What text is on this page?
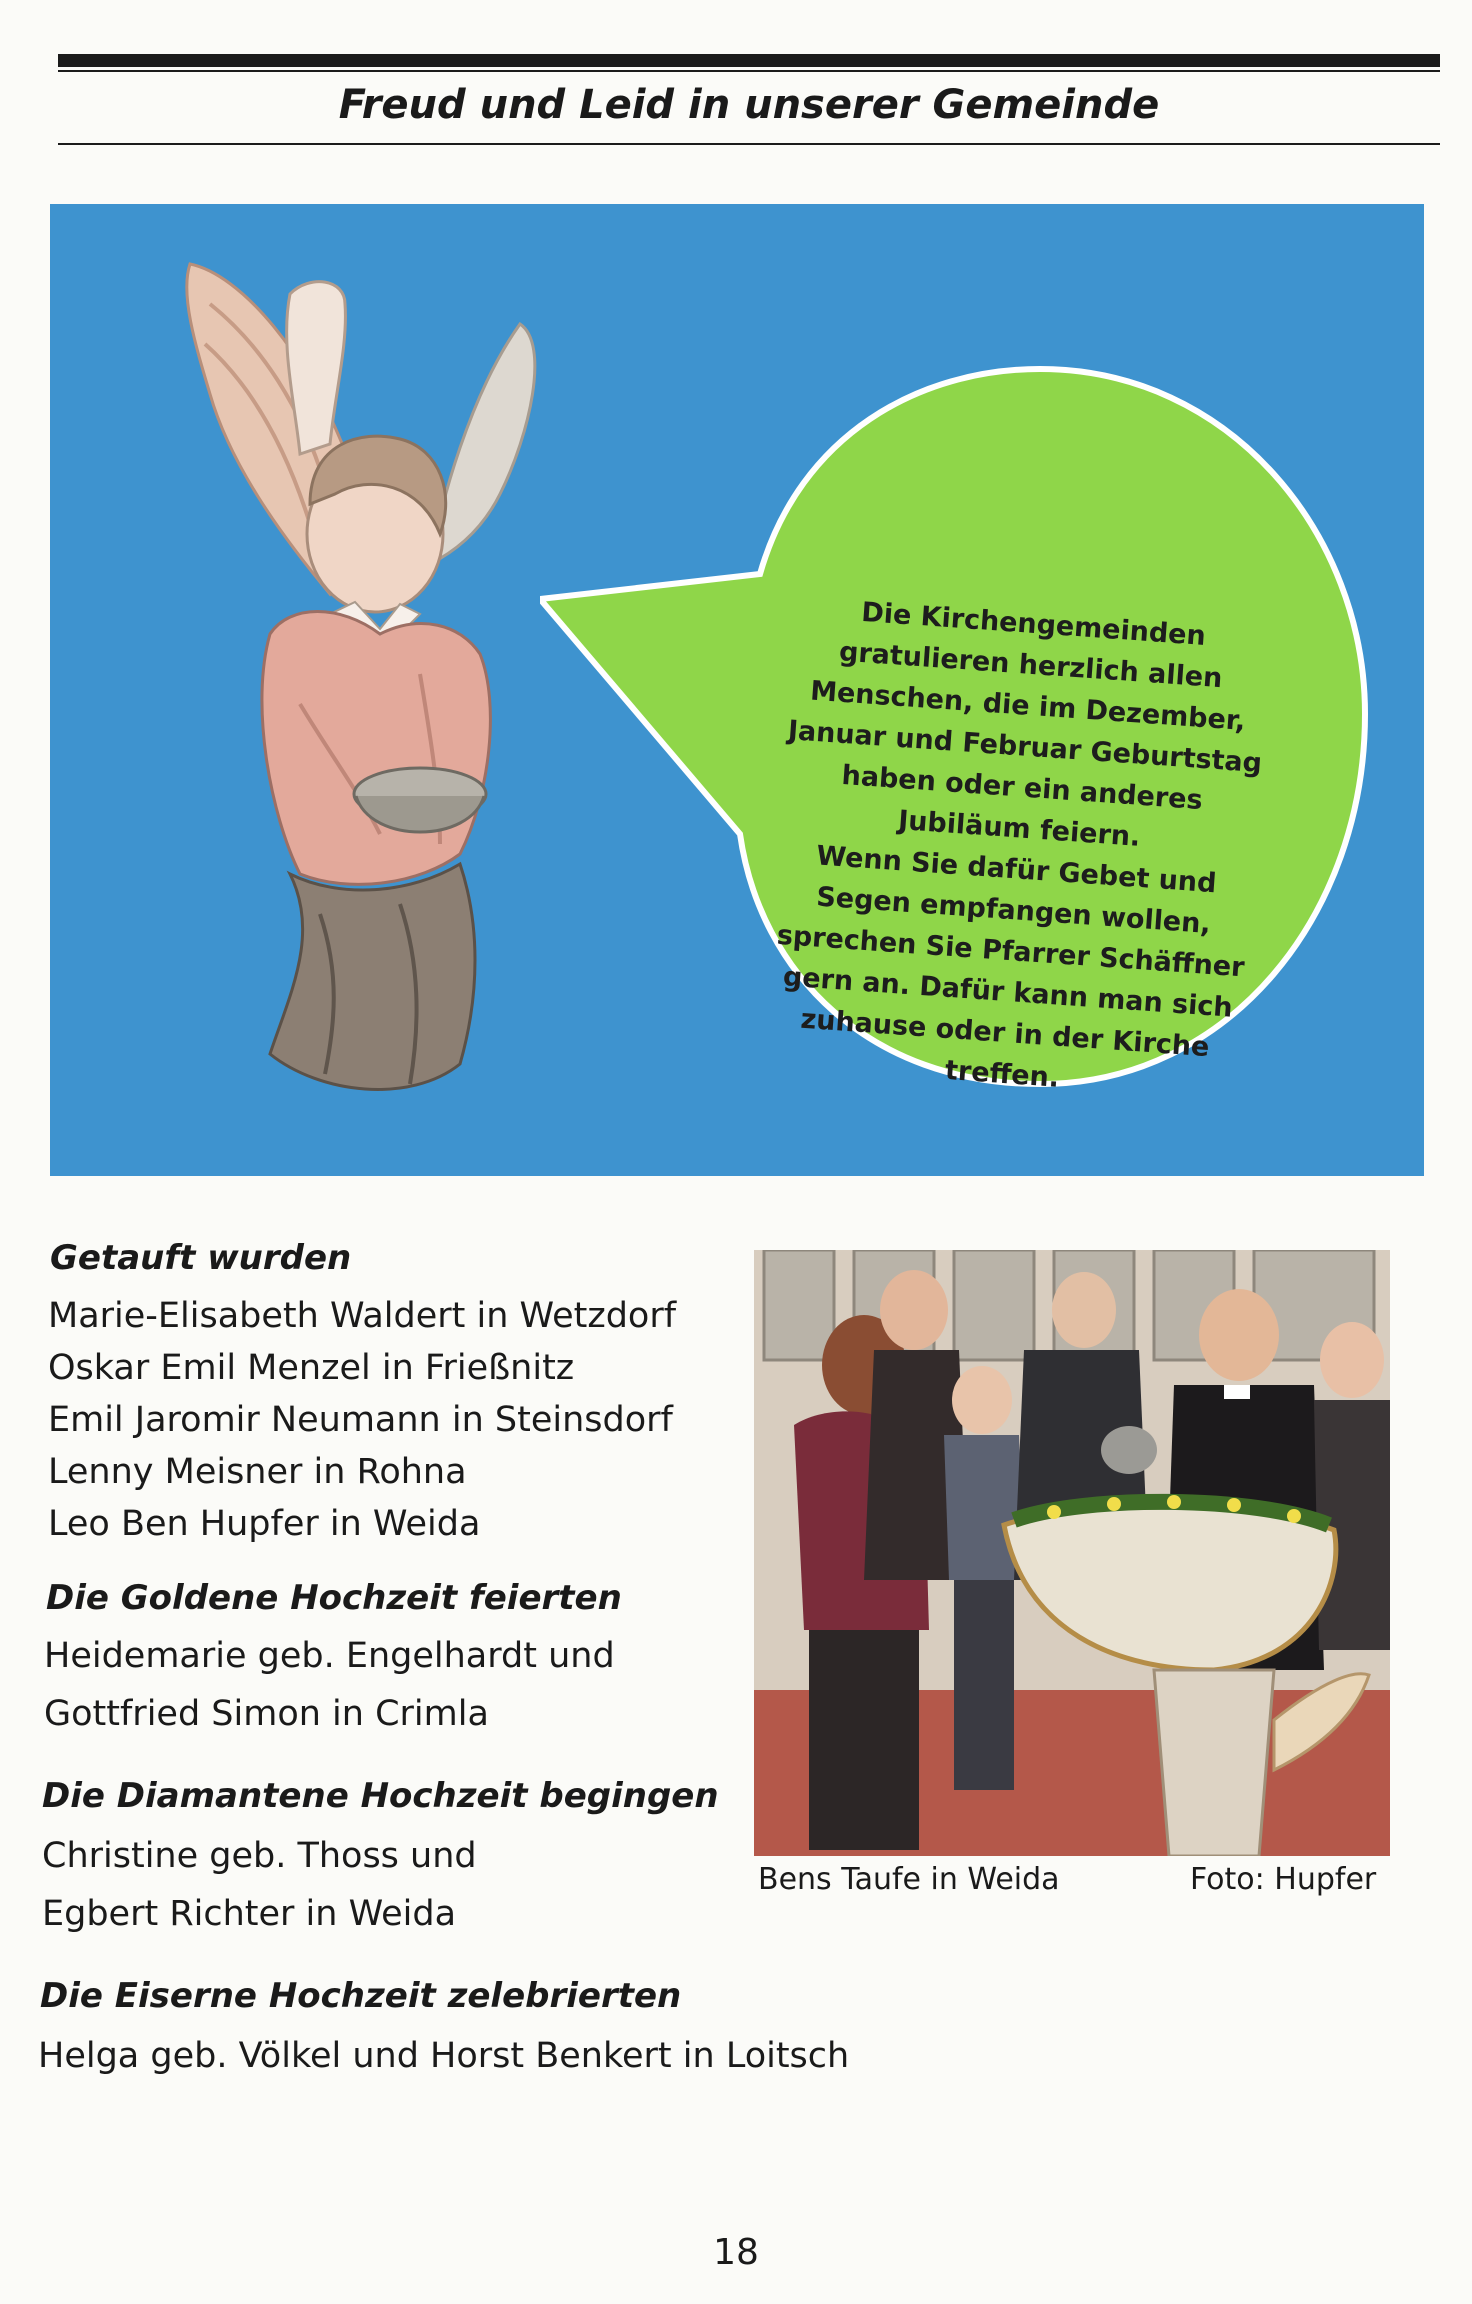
Freud und Leid in unserer Gemeinde

Die Kirchengemeinden gratulieren herzlich allen Menschen, die im Dezember, Januar und Februar Geburtstag haben oder ein anderes Jubiläum feiern.

Wenn Sie dafür Gebet und Segen empfangen wollen, sprechen Sie Pfarrer Schäffner gern an. Dafür kann man sich zuhause oder in der Kirche treffen.

Getauft wurden
Marie-Elisabeth Waldert in Wetzdorf
Oskar Emil Menzel in Frießnitz
Emil Jaromir Neumann in Steinsdorf
Lenny Meisner in Rohna
Leo Ben Hupfer in Weida
Die Goldene Hochzeit feierten
Heidemarie geb. Engelhardt und
Gottfried Simon in Crimla
Die Diamantene Hochzeit begingen
Christine geb. Thoss und
Egbert Richter in Weida
Die Eiserne Hochzeit zelebrierten
Helga geb. Völkel und Horst Benkert in Loitsch
Bens Taufe in Weida	Foto: Hupfer
18
